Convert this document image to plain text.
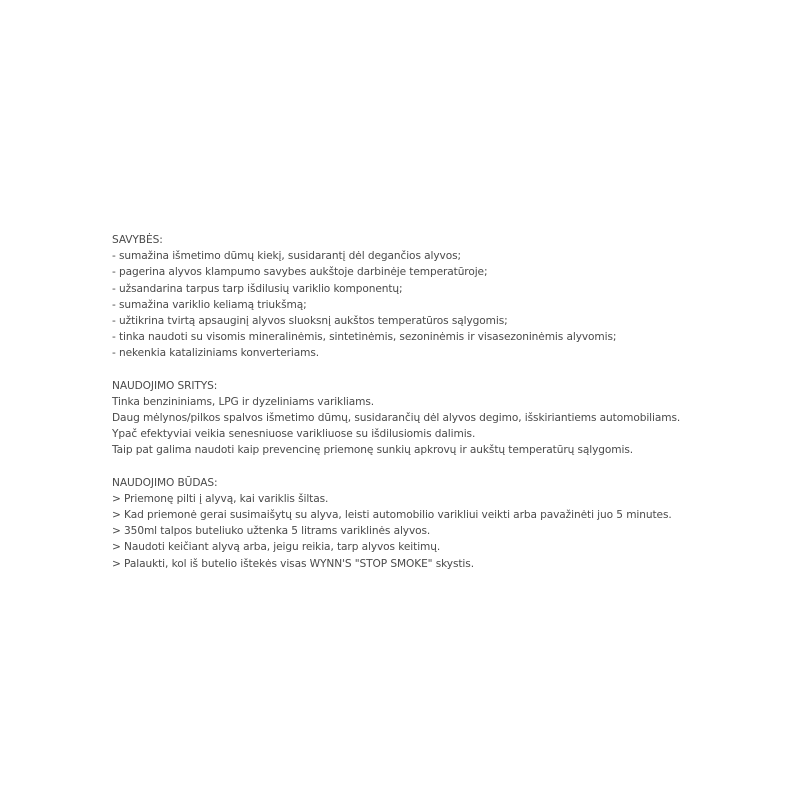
SAVYBĖS:

- sumažina išmetimo dūmų kiekį, susidarantį dėl degančios alyvos;

- pagerina alyvos klampumo savybes aukštoje darbinėje temperatūroje;

- užsandarina tarpus tarp išdilusių variklio komponentų;

- sumažina variklio keliamą triukšmą;

- užtikrina tvirtą apsauginį alyvos sluoksnį aukštos temperatūros sąlygomis;

- tinka naudoti su visomis mineralinėmis, sintetinėmis, sezoninėmis ir visasezoninėmis alyvomis;

- nekenkia kataliziniams konverteriams.

NAUDOJIMO SRITYS:

Tinka benzininiams, LPG ir dyzeliniams varikliams.

Daug mėlynos/pilkos spalvos išmetimo dūmų, susidarančių dėl alyvos degimo, išskiriantiems automobiliams.

Ypač efektyviai veikia senesniuose varikliuose su išdilusiomis dalimis.

Taip pat galima naudoti kaip prevencinę priemonę sunkių apkrovų ir aukštų temperatūrų sąlygomis.

NAUDOJIMO BŪDAS:

> Priemonę pilti į alyvą, kai variklis šiltas.

> Kad priemonė gerai susimaišytų su alyva, leisti automobilio varikliui veikti arba pavažinėti juo 5 minutes.

> 350ml talpos buteliuko užtenka 5 litrams variklinės alyvos.

> Naudoti keičiant alyvą arba, jeigu reikia, tarp alyvos keitimų.

> Palaukti, kol iš butelio ištekės visas WYNN'S "STOP SMOKE" skystis.
